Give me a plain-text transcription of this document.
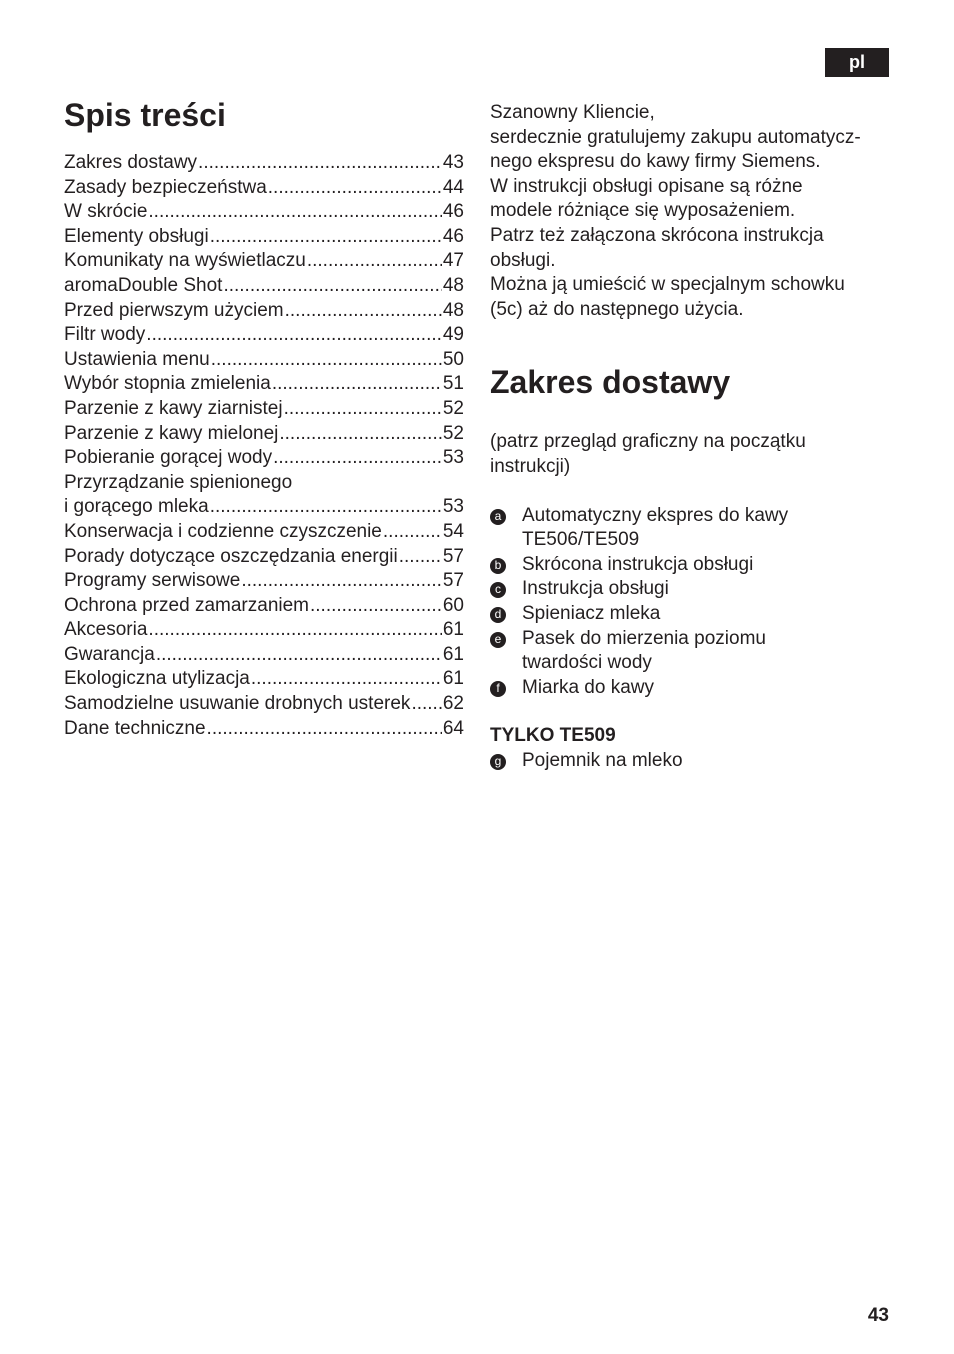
pl
Spis treści
Zakres dostawy .....	43
Zasady bezpieczeństwa .....	44
W skrócie .....	46
Elementy obsługi .....	46
Komunikaty na wyświetlaczu .....	47
aromaDouble Shot .....	48
Przed pierwszym użyciem .....	48
Filtr wody .....	49
Ustawienia menu .....	50
Wybór stopnia zmielenia .....	51
Parzenie z kawy ziarnistej .....	52
Parzenie z kawy mielonej .....	52
Pobieranie gorącej wody .....	53
Przyrządzanie spienionego
i gorącego mleka .....	53
Konserwacja i codzienne czyszczenie .....	54
Porady dotyczące oszczędzania energii ..... 57
Programy serwisowe .....	57
Ochrona przed zamarzaniem .....	60
Akcesoria .....	61
Gwarancja .....	61
Ekologiczna utylizacja .....	61
Samodzielne usuwanie drobnych usterek ..... 62
Dane techniczne .....	64
Szanowny Kliencie,
serdecznie gratulujemy zakupu automatycz-
nego ekspresu do kawy firmy Siemens.
W instrukcji obsługi opisane są różne
modele różniące się wyposażeniem.
Patrz też załączona skrócona instrukcja
obsługi.
Można ją umieścić w specjalnym schowku
(5c) aż do następnego użycia.
Zakres dostawy
(patrz przegląd graficzny na początku
instrukcji)
a Automatyczny ekspres do kawy
TE506/TE509
b Skrócona instrukcja obsługi
c Instrukcja obsługi
d Spieniacz mleka
e Pasek do mierzenia poziomu
twardości wody
f	Miarka do kawy
TYLKO TE509
g Pojemnik na mleko
43
